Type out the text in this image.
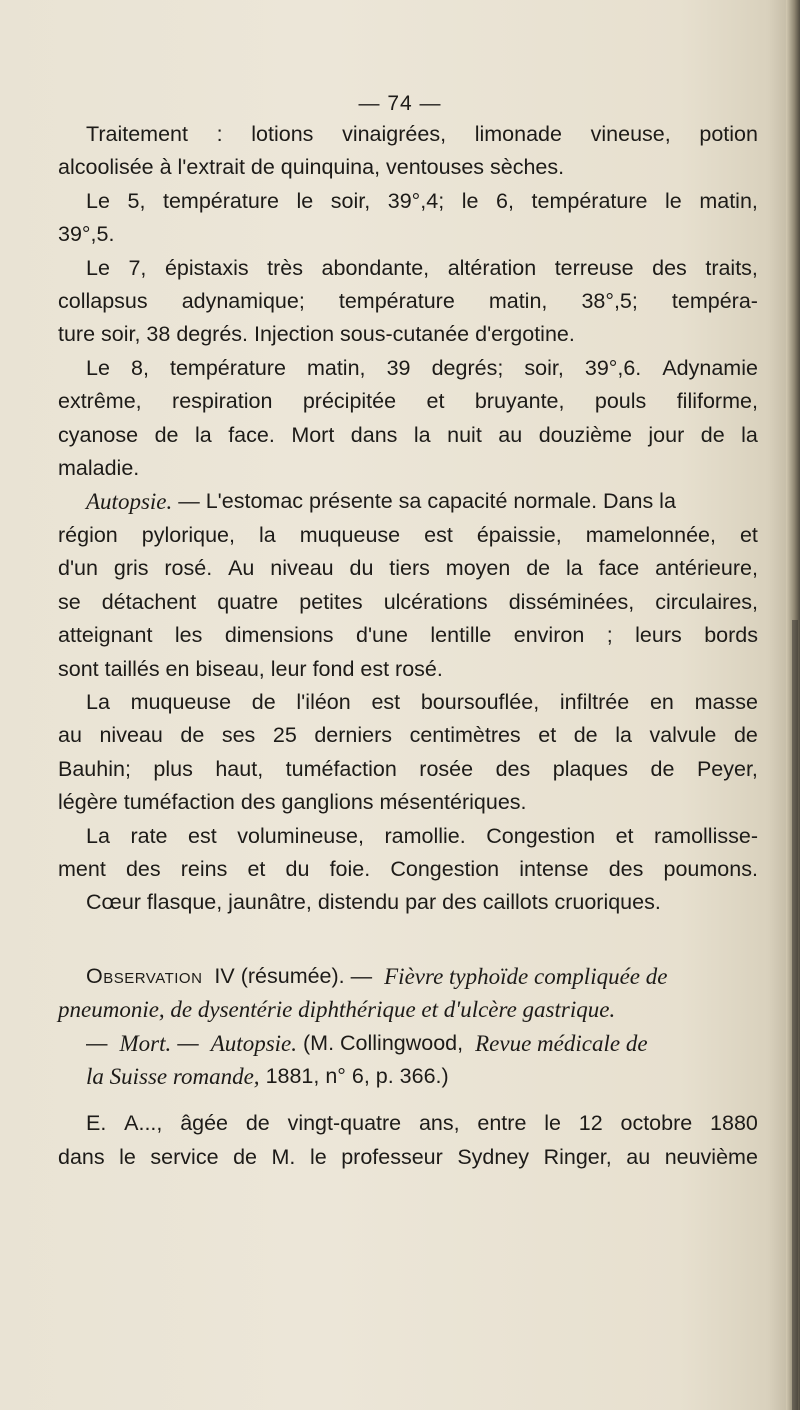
— 74 —
Traitement : lotions vinaigrées, limonade vineuse, potion
alcoolisée à l'extrait de quinquina, ventouses sèches.
Le 5, température le soir, 39°,4; le 6, température le matin,
39°,5.
Le 7, épistaxis très abondante, altération terreuse des traits,
collapsus adynamique; température matin, 38°,5; tempéra-
ture soir, 38 degrés. Injection sous-cutanée d'ergotine.
Le 8, température matin, 39 degrés; soir, 39°,6. Adynamie
extrême, respiration précipitée et bruyante, pouls filiforme,
cyanose de la face. Mort dans la nuit au douzième jour de la
maladie.
Autopsie. — L'estomac présente sa capacité normale. Dans la
région pylorique, la muqueuse est épaissie, mamelonnée, et
d'un gris rosé. Au niveau du tiers moyen de la face antérieure,
se détachent quatre petites ulcérations disséminées, circulaires,
atteignant les dimensions d'une lentille environ ; leurs bords
sont taillés en biseau, leur fond est rosé.
La muqueuse de l'iléon est boursouflée, infiltrée en masse
au niveau de ses 25 derniers centimètres et de la valvule de
Bauhin; plus haut, tuméfaction rosée des plaques de Peyer,
légère tuméfaction des ganglions mésentériques.
La rate est volumineuse, ramollie. Congestion et ramollisse-
ment des reins et du foie. Congestion intense des poumons.
Cœur flasque, jaunâtre, distendu par des caillots cruoriques.
Observation IV (résumée). — Fièvre typhoïde compliquée de
pneumonie, de dysentérie diphthérique et d'ulcère gastrique.
— Mort. — Autopsie. (M. Collingwood, Revue médicale de
la Suisse romande, 1881, n° 6, p. 366.)
E. A..., âgée de vingt-quatre ans, entre le 12 octobre 1880
dans le service de M. le professeur Sydney Ringer, au neuvième
